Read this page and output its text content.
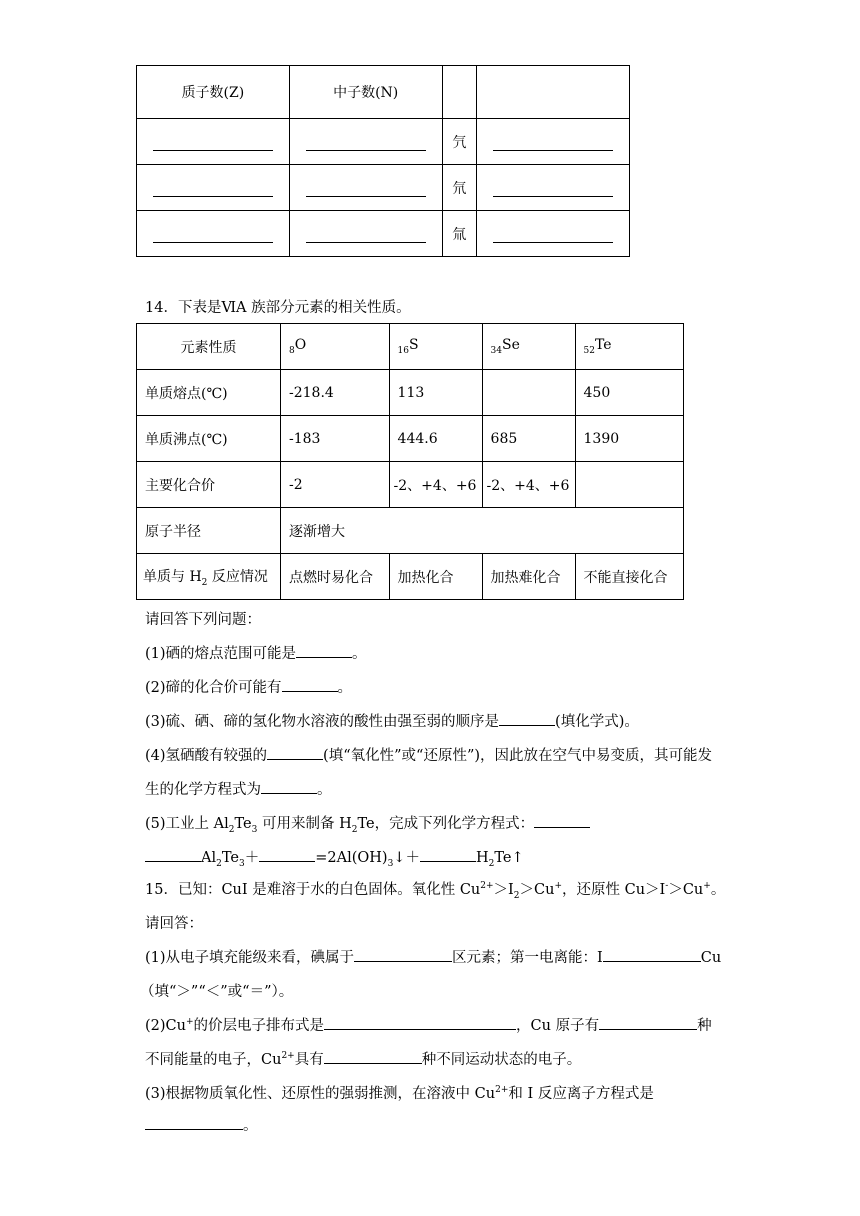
质子数(Z)	中子数(N)		
		氕	
		氘	
		氚	
14．下表是ⅥA 族部分元素的相关性质。
元素性质	$_8$O	$_{16}$S	$_{34}$Se	$_{52}$Te
单质熔点(℃)	-218.4	113		450
单质沸点(℃)	-183	444.6	685	1390
主要化合价	-2	-2、+4、+6	-2、+4、+6	
原子半径	逐渐增大			
单质与 $H_2$ 反应情况	点燃时易化合	加热化合	加热难化合	不能直接化合
请回答下列问题：
(1)硒的熔点范围可能是	。
(2)碲的化合价可能有	。
(3)硫、硒、碲的氢化物水溶液的酸性由强至弱的顺序是	(填化学式)。
(4)氢硒酸有较强的	(填“氧化性”或“还原性”)，因此放在空气中易变质，其可能发
生的化学方程式为	。
(5)工业上 $Al_2Te_3$ 可用来制备 $H_2Te$，完成下列化学方程式：
$Al_2Te_3+$	$=2Al(OH)_3↓+$	$H_2Te↑$
15．已知：CuI 是难溶于水的白色固体。氧化性 $Cu^{2+}>I_2>Cu^+$，还原性 Cu＞I-＞Cu+。
请回答：
(1)从电子填充能级来看，碘属于	区元素；第一电离能：I	Cu
（填“＞”“＜”或“＝”）。
(2)Cu+的价层电子排布式是	，Cu 原子有	种
不同能量的电子，$Cu^{2+}$具有	种不同运动状态的电子。
(3)根据物质氧化性、还原性的强弱推测，在溶液中 $Cu^{2+}$和 I 反应离子方程式是
。
